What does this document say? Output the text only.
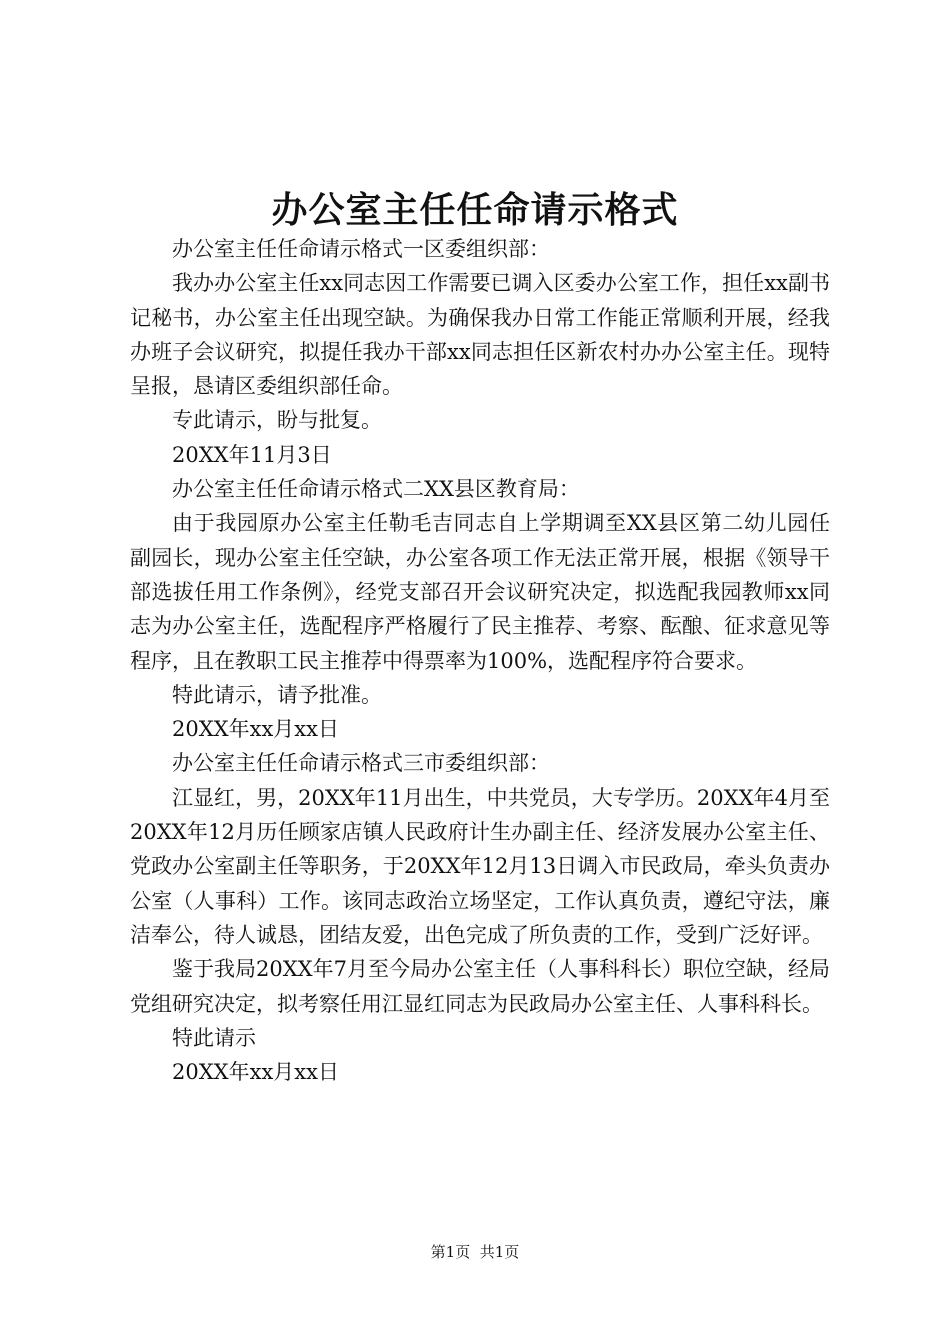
办公室主任任命请示格式

办公室主任任命请示格式一区委组织部：

我办办公室主任xx同志因工作需要已调入区委办公室工作，担任xx副书记秘书，办公室主任出现空缺。为确保我办日常工作能正常顺利开展，经我办班子会议研究，拟提任我办干部xx同志担任区新农村办办公室主任。现特呈报，恳请区委组织部任命。

专此请示，盼与批复。

20XX年11月3日

办公室主任任命请示格式二XX县区教育局：

由于我园原办公室主任勒毛吉同志自上学期调至XX县区第二幼儿园任副园长，现办公室主任空缺，办公室各项工作无法正常开展，根据《领导干部选拔任用工作条例》，经党支部召开会议研究决定，拟选配我园教师xx同志为办公室主任，选配程序严格履行了民主推荐、考察、酝酿、征求意见等程序，且在教职工民主推荐中得票率为100%，选配程序符合要求。

特此请示，请予批准。

20XX年xx月xx日

办公室主任任命请示格式三市委组织部：

江显红，男，20XX年11月出生，中共党员，大专学历。20XX年4月至20XX年12月历任顾家店镇人民政府计生办副主任、经济发展办公室主任、党政办公室副主任等职务，于20XX年12月13日调入市民政局，牵头负责办公室（人事科）工作。该同志政治立场坚定，工作认真负责，遵纪守法，廉洁奉公，待人诚恳，团结友爱，出色完成了所负责的工作，受到广泛好评。

鉴于我局20XX年7月至今局办公室主任（人事科科长）职位空缺，经局党组研究决定，拟考察任用江显红同志为民政局办公室主任、人事科科长。

特此请示

20XX年xx月xx日

第1页 共1页
